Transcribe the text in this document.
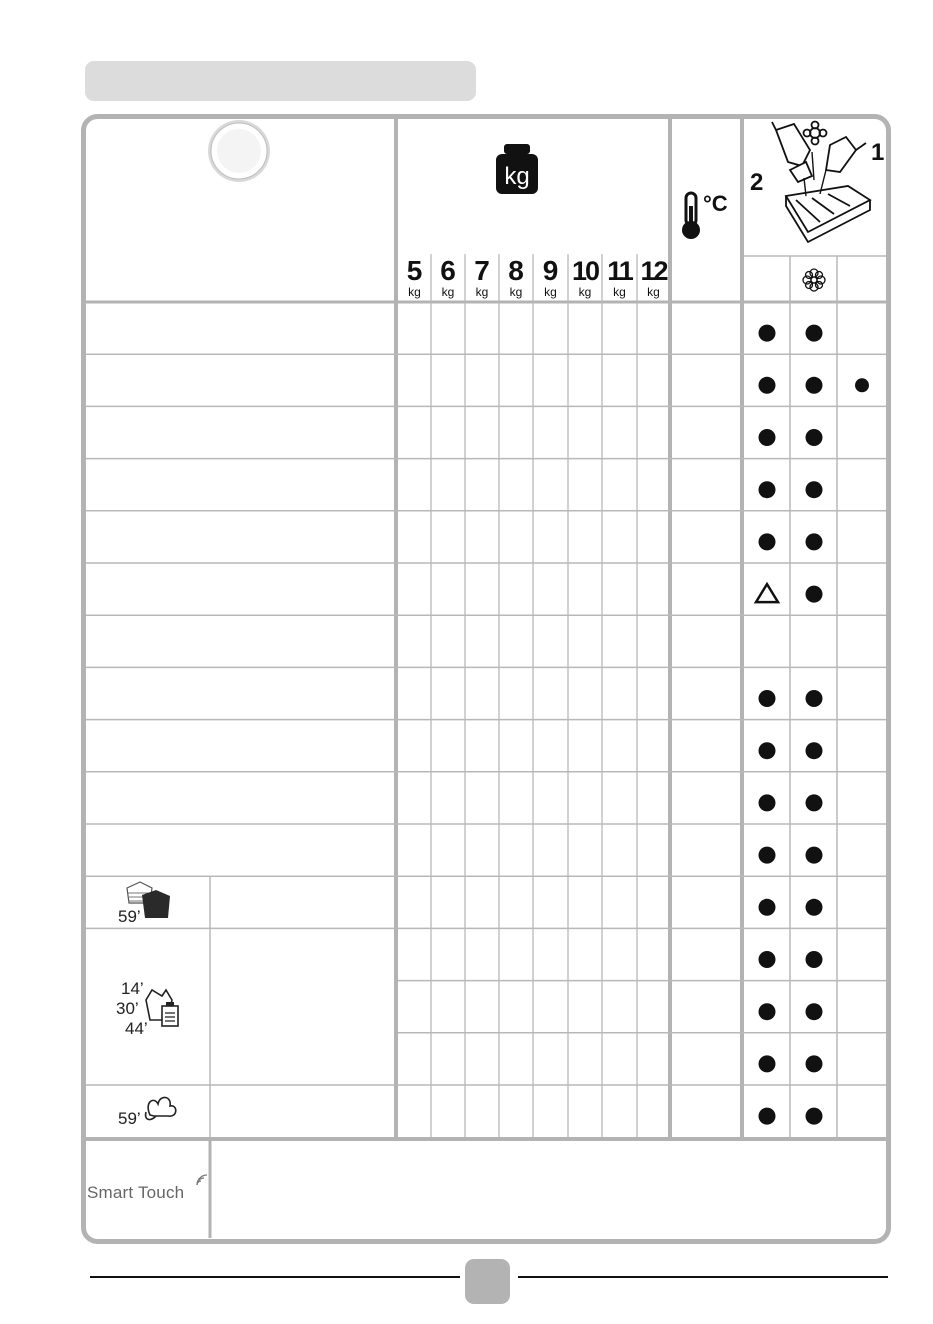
kg
°C
1
2
59’
14’
30’
44’
59’
5
kg
6
kg
7
kg
8
kg
9
kg
10
kg
11
kg
12
kg
Smart Touch
